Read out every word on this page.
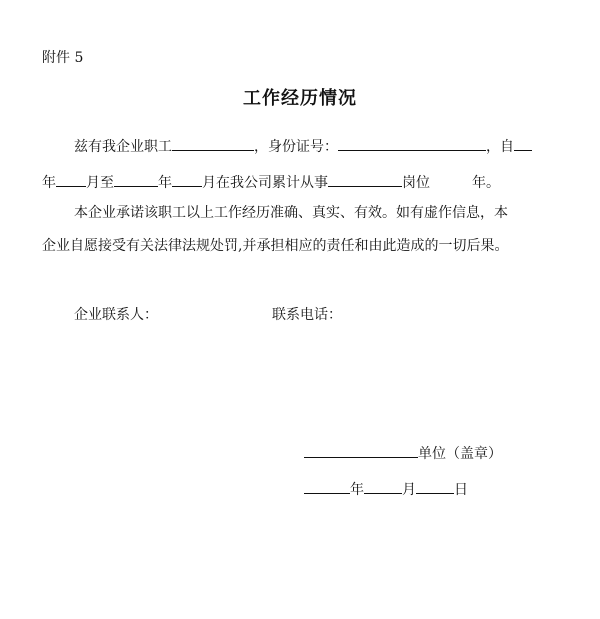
附件 5
工作经历情况
兹有我企业职工	，身份证号：	，自
年 月至	年 月在我公司累计从事	岗位	年。
本企业承诺该职工以上工作经历准确、真实、有效。如有虚作信息，本
企业自愿接受有关法律法规处罚,并承担相应的责任和由此造成的一切后果。
企业联系人：	联系电话：
单位（盖章）
年	月	日
